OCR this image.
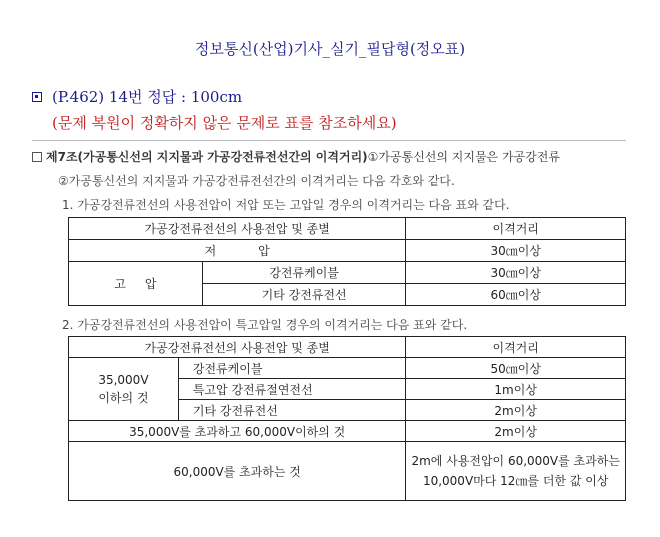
정보통신(산업)기사_실기_필답형(정오표)
(P.462) 14번 정답 : 100cm
(문제 복원이 정확하지 않은 문제로 표를 참조하세요)
제7조(가공통신선의 지지물과 가공강전류전선간의 이격거리) ①가공통신선의 지지물은 가공강전류
②가공통신선의 지지물과 가공강전류전선간의 이격거리는 다음 각호와 같다.
1. 가공강전류전선의 사용전압이 저압 또는 고압일 경우의 이격거리는 다음 표와 같다.
가공강전류전선의 사용전압 및 종별		이격거리
저           압		30㎝이상
고     압	강전류케이블	30㎝이상
	기타 강전류전선	60㎝이상
2. 가공강전류전선의 사용전압이 특고압일 경우의 이격거리는 다음 표와 같다.
가공강전류전선의 사용전압 및 종별		이격거리

35,000V
이하의 것	강전류케이블	50㎝이상
	특고압 강전류절연전선	1m이상
	기타 강전류전선	2m이상
35,000V를 초과하고 60,000V이하의 것		2m이상
60,000V를 초과하는 것		2m에 사용전압이 60,000V를 초과하는
10,000V마다 12㎝를 더한 값 이상
